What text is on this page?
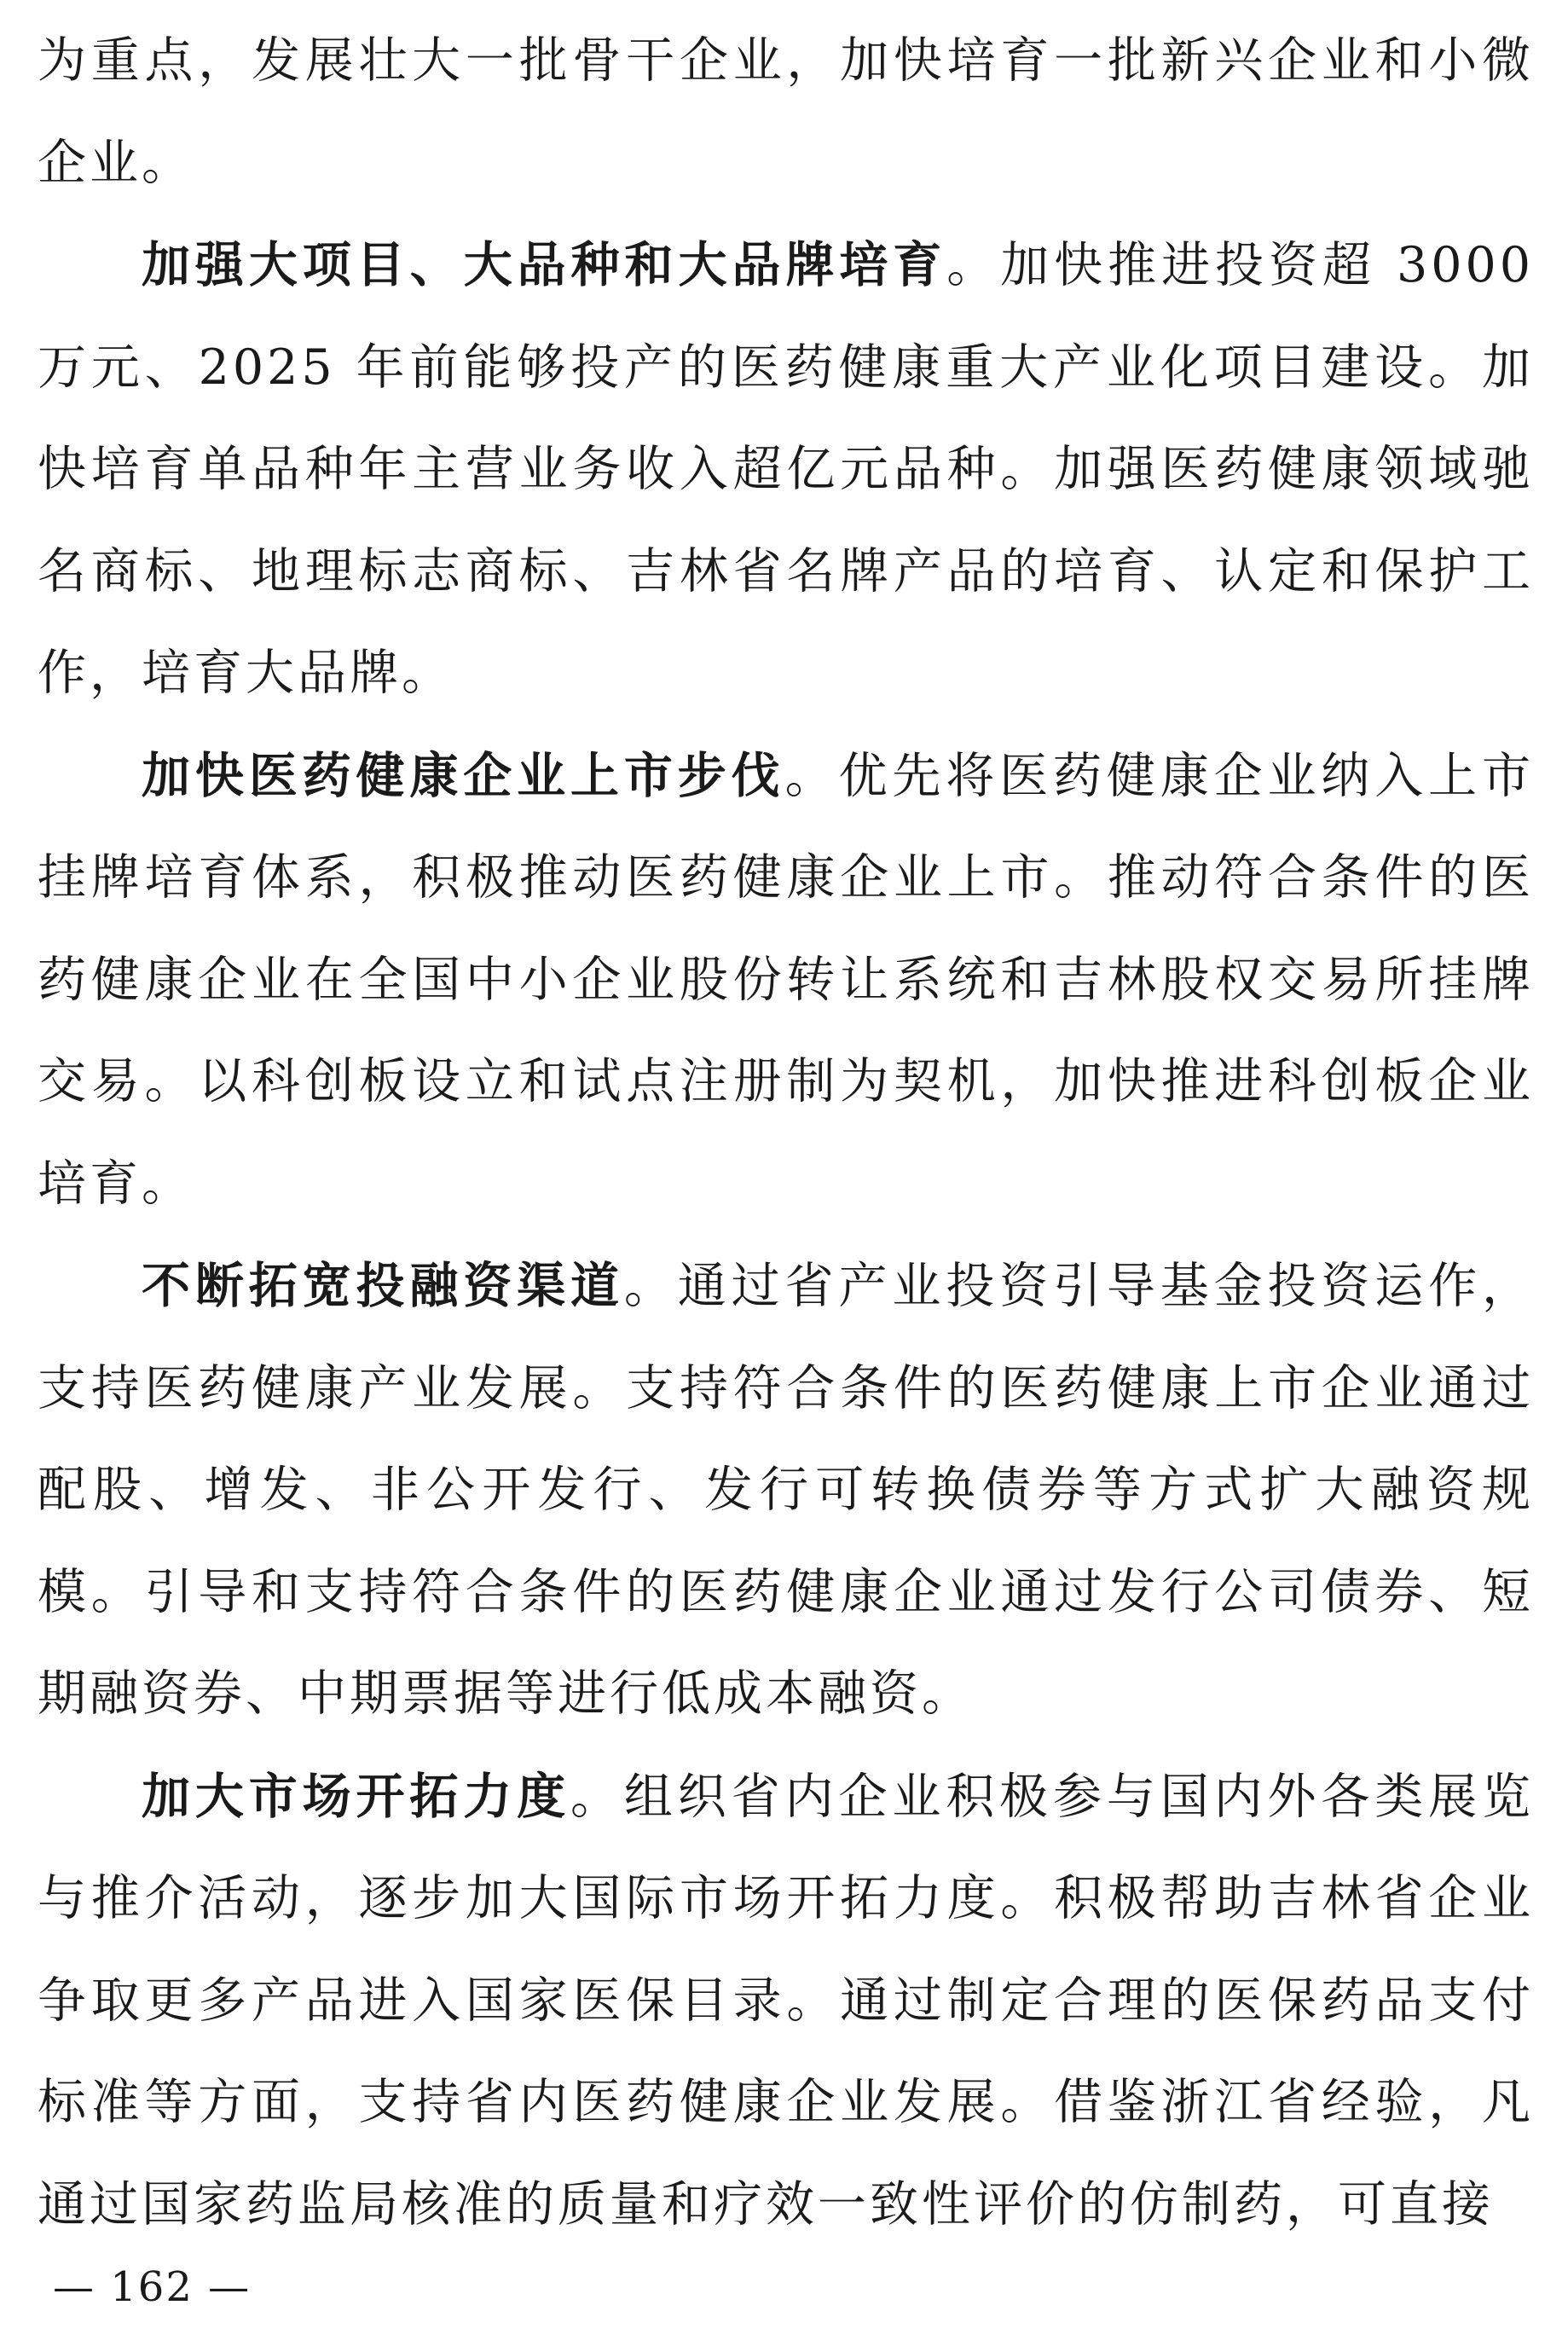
为重点，发展壮大一批骨干企业，加快培育一批新兴企业和小微企业。

加强大项目、大品种和大品牌培育。加快推进投资超 3000 万元、2025 年前能够投产的医药健康重大产业化项目建设。加快培育单品种年主营业务收入超亿元品种。加强医药健康领域驰名商标、地理标志商标、吉林省名牌产品的培育、认定和保护工作，培育大品牌。

加快医药健康企业上市步伐。优先将医药健康企业纳入上市挂牌培育体系，积极推动医药健康企业上市。推动符合条件的医药健康企业在全国中小企业股份转让系统和吉林股权交易所挂牌交易。以科创板设立和试点注册制为契机，加快推进科创板企业培育。

不断拓宽投融资渠道。通过省产业投资引导基金投资运作，支持医药健康产业发展。支持符合条件的医药健康上市企业通过配股、增发、非公开发行、发行可转换债券等方式扩大融资规模。引导和支持符合条件的医药健康企业通过发行公司债券、短期融资券、中期票据等进行低成本融资。

加大市场开拓力度。组织省内企业积极参与国内外各类展览与推介活动，逐步加大国际市场开拓力度。积极帮助吉林省企业争取更多产品进入国家医保目录。通过制定合理的医保药品支付标准等方面，支持省内医药健康企业发展。借鉴浙江省经验，凡通过国家药监局核准的质量和疗效一致性评价的仿制药，可直接

— 162 —
